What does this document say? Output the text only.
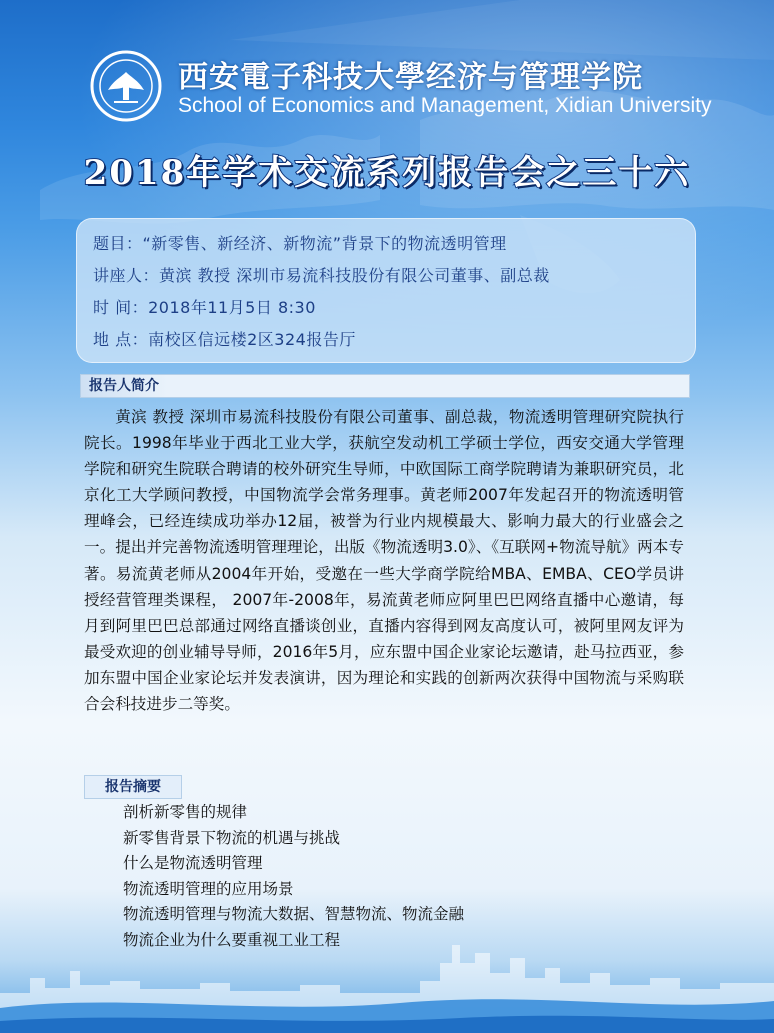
西安電子科技大學经济与管理学院
School of Economics and Management, Xidian University
2018年学术交流系列报告会之三十六
题目：“新零售、新经济、新物流”背景下的物流透明管理
讲座人：黄滨 教授 深圳市易流科技股份有限公司董事、副总裁
时 间：2018年11月5日 8:30
地 点：南校区信远楼2区324报告厅
报告人简介

黄滨 教授 深圳市易流科技股份有限公司董事、副总裁，物流透明管理研究院执行院长。1998年毕业于西北工业大学，获航空发动机工学硕士学位，西安交通大学管理学院和研究生院联合聘请的校外研究生导师，中欧国际工商学院聘请为兼职研究员，北京化工大学顾问教授，中国物流学会常务理事。黄老师2007年发起召开的物流透明管理峰会，已经连续成功举办12届，被誉为行业内规模最大、影响力最大的行业盛会之一。提出并完善物流透明管理理论，出版《物流透明3.0》、《互联网+物流导航》两本专著。易流黄老师从2004年开始，受邀在一些大学商学院给MBA、EMBA、CEO学员讲授经营管理类课程， 2007年-2008年，易流黄老师应阿里巴巴网络直播中心邀请，每月到阿里巴巴总部通过网络直播谈创业，直播内容得到网友高度认可，被阿里网友评为最受欢迎的创业辅导导师，2016年5月，应东盟中国企业家论坛邀请，赴马拉西亚，参加东盟中国企业家论坛并发表演讲，因为理论和实践的创新两次获得中国物流与采购联合会科技进步二等奖。

报告摘要
剖析新零售的规律
新零售背景下物流的机遇与挑战
什么是物流透明管理
物流透明管理的应用场景
物流透明管理与物流大数据、智慧物流、物流金融
物流企业为什么要重视工业工程
